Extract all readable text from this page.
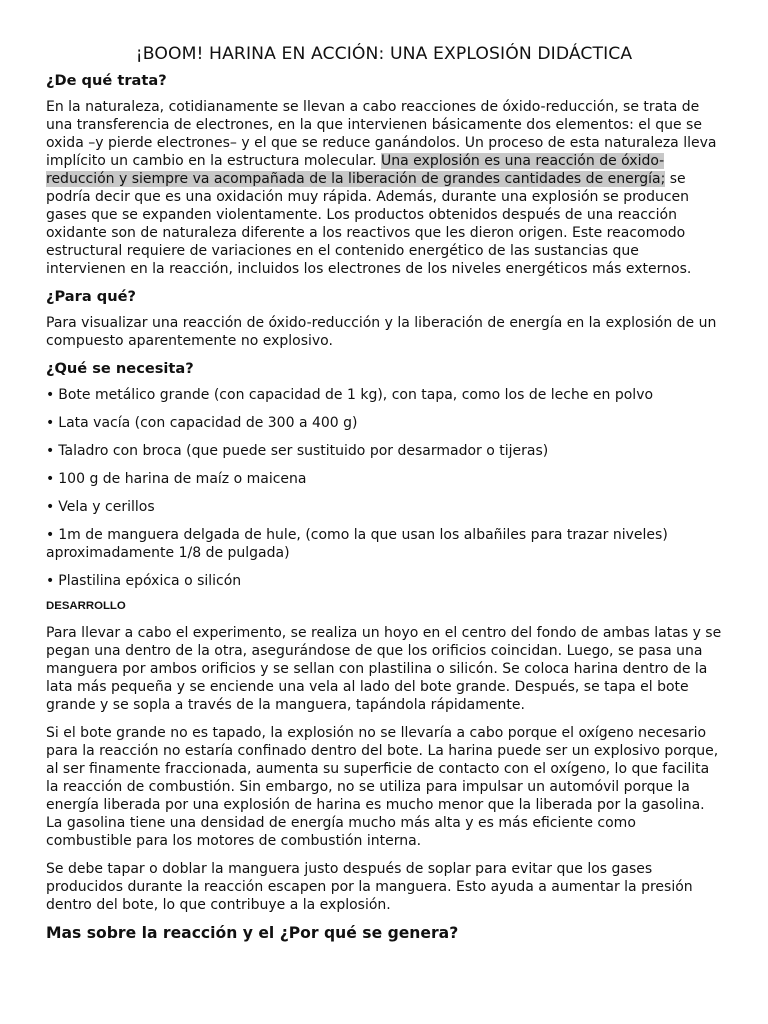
¡BOOM! HARINA EN ACCIÓN: UNA EXPLOSIÓN DIDÁCTICA
¿De qué trata?

En la naturaleza, cotidianamente se llevan a cabo reacciones de óxido-reducción, se trata de una transferencia de electrones, en la que intervienen básicamente dos elementos: el que se oxida –y pierde electrones– y el que se reduce ganándolos. Un proceso de esta naturaleza lleva implícito un cambio en la estructura molecular. Una explosión es una reacción de óxido-reducción y siempre va acompañada de la liberación de grandes cantidades de energía; se podría decir que es una oxidación muy rápida. Además, durante una explosión se producen gases que se expanden violentamente. Los productos obtenidos después de una reacción oxidante son de naturaleza diferente a los reactivos que les dieron origen. Este reacomodo estructural requiere de variaciones en el contenido energético de las sustancias que intervienen en la reacción, incluidos los electrones de los niveles energéticos más externos.

¿Para qué?

Para visualizar una reacción de óxido-reducción y la liberación de energía en la explosión de un compuesto aparentemente no explosivo.

¿Qué se necesita?
• Bote metálico grande (con capacidad de 1 kg), con tapa, como los de leche en polvo
• Lata vacía (con capacidad de 300 a 400 g)
• Taladro con broca (que puede ser sustituido por desarmador o tijeras)
• 100 g de harina de maíz o maicena
• Vela y cerillos
• 1m de manguera delgada de hule, (como la que usan los albañiles para trazar niveles) aproximadamente 1/8 de pulgada)
• Plastilina epóxica o silicón
DESARROLLO

Para llevar a cabo el experimento, se realiza un hoyo en el centro del fondo de ambas latas y se pegan una dentro de la otra, asegurándose de que los orificios coincidan. Luego, se pasa una manguera por ambos orificios y se sellan con plastilina o silicón. Se coloca harina dentro de la lata más pequeña y se enciende una vela al lado del bote grande. Después, se tapa el bote grande y se sopla a través de la manguera, tapándola rápidamente.

Si el bote grande no es tapado, la explosión no se llevaría a cabo porque el oxígeno necesario para la reacción no estaría confinado dentro del bote. La harina puede ser un explosivo porque, al ser finamente fraccionada, aumenta su superficie de contacto con el oxígeno, lo que facilita la reacción de combustión. Sin embargo, no se utiliza para impulsar un automóvil porque la energía liberada por una explosión de harina es mucho menor que la liberada por la gasolina. La gasolina tiene una densidad de energía mucho más alta y es más eficiente como combustible para los motores de combustión interna.

Se debe tapar o doblar la manguera justo después de soplar para evitar que los gases producidos durante la reacción escapen por la manguera. Esto ayuda a aumentar la presión dentro del bote, lo que contribuye a la explosión.

Mas sobre la reacción y el ¿Por qué se genera?
